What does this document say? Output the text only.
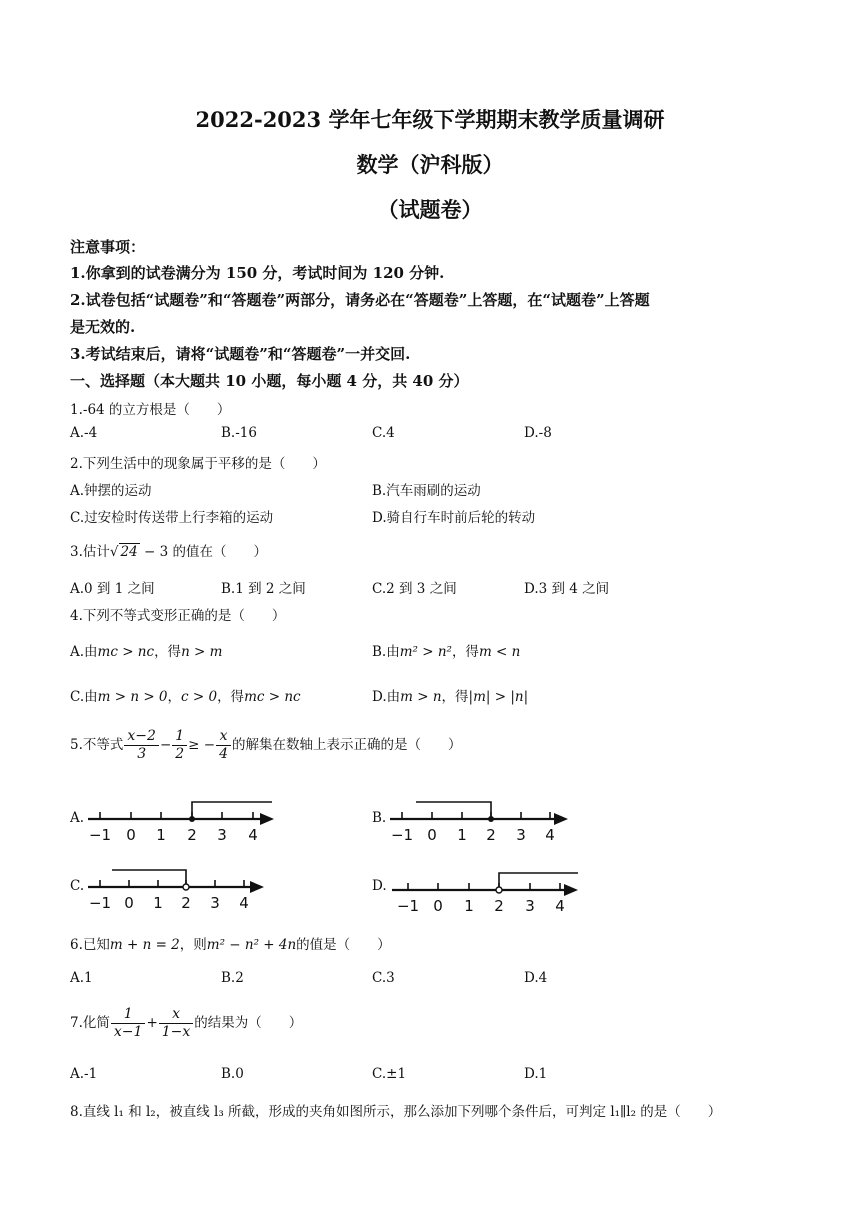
2022-2023 学年七年级下学期期末教学质量调研
数学（沪科版）
（试题卷）
注意事项：
1.你拿到的试卷满分为 150 分，考试时间为 120 分钟.
2.试卷包括“试题卷”和“答题卷”两部分，请务必在“答题卷”上答题，在“试题卷”上答题
是无效的.
3.考试结束后，请将“试题卷”和“答题卷”一并交回.
一、选择题（本大题共 10 小题，每小题 4 分，共 40 分）
1.-64 的立方根是（　　）
A.-4	B.-16	C.4	D.-8
2.下列生活中的现象属于平移的是（　　）
A.钟摆的运动	B.汽车雨刷的运动
C.过安检时传送带上行李箱的运动	D.骑自行车时前后轮的转动
3.估计√ 24 − 3 的值在（　　）
A.0 到 1 之间	B.1 到 2 之间	C.2 到 3 之间	D.3 到 4 之间
4.下列不等式变形正确的是（　　）
A.由mc > nc，得n > m	B.由m² > n²，得m < n
C.由m > n > 0，c > 0，得mc > nc	D.由m > n，得|m| > |n|
5.不等式 $\frac{x-2}{3} - \frac{1}{2}$ ≥ − $\frac{x}{4}$ 的解集在数轴上表示正确的是（　　）
A.	B.
C.	D.
−1 0 1 2 3 4	−1 0 1 2 3 4
−1 0 1 2 3 4	−1 0 1 2 3 4
6.已知m + n = 2，则m² − n² + 4n的值是（　　）
A.1	B.2	C.3	D.4
7.化简 $\frac{1}{x-1} + \frac{x}{1-x}$ 的结果为（　　）
A.-1	B.0	C.±1	D.1
8.直线 l₁ 和 l₂，被直线 l₃ 所截，形成的夹角如图所示，那么添加下列哪个条件后，可判定 l₁∥l₂ 的是（　　）
